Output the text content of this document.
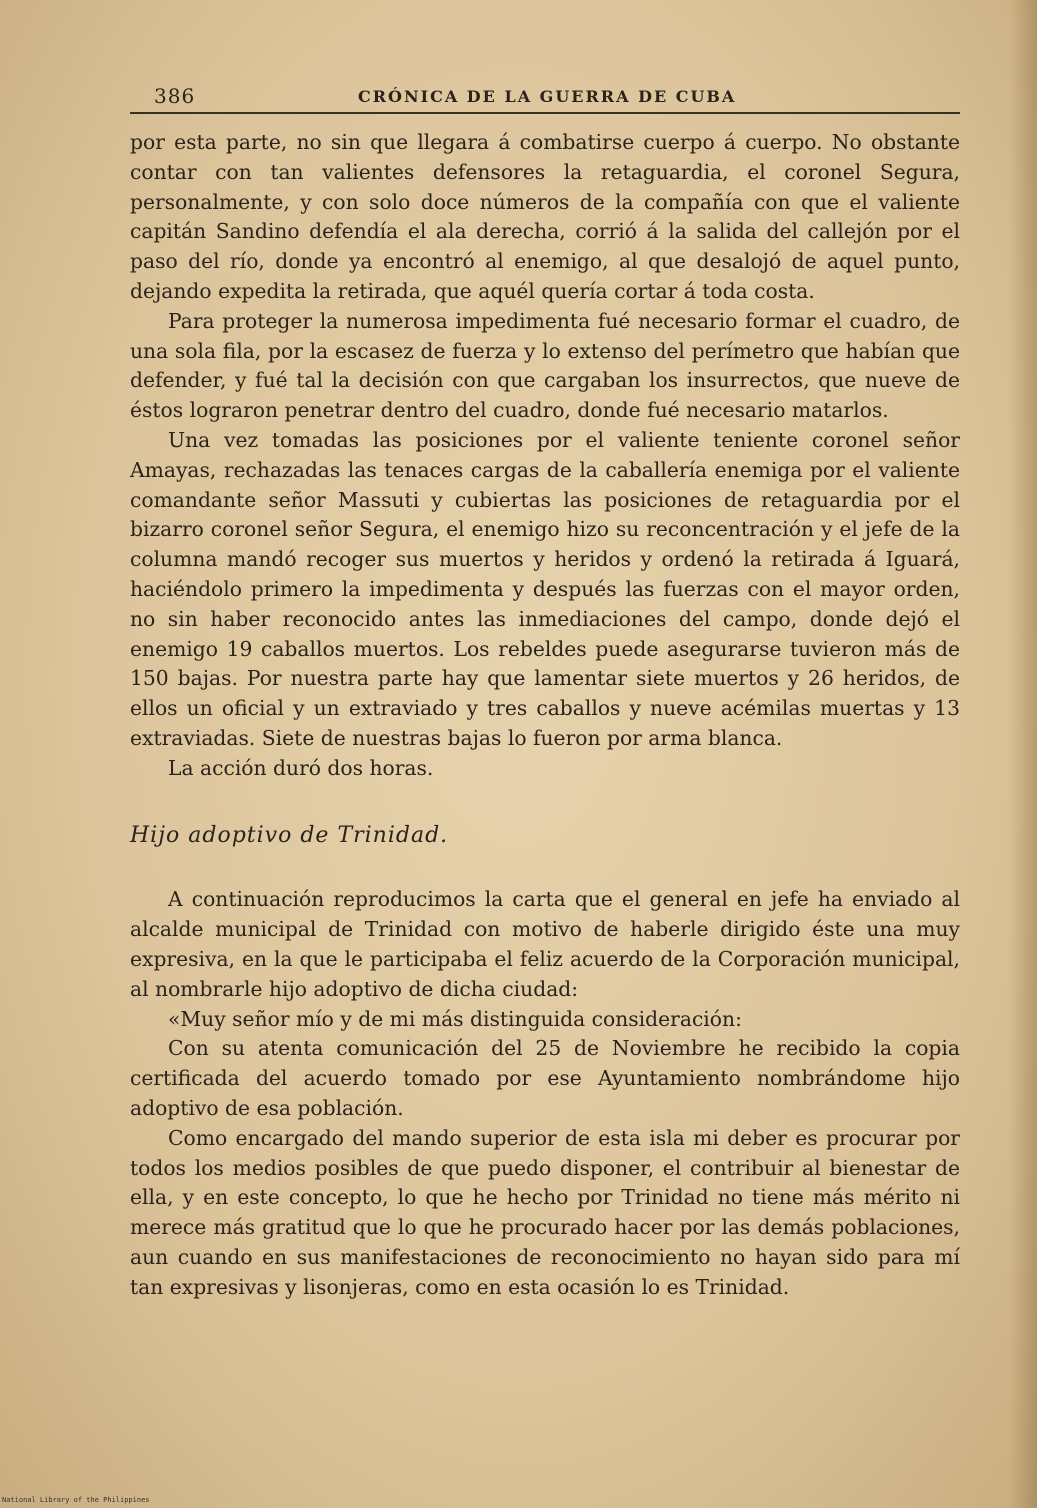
386	CRÓNICA DE LA GUERRA DE CUBA

por esta parte, no sin que llegara á combatirse cuerpo á cuerpo. No obstante contar con tan valientes defensores la retaguardia, el coronel Segura, personalmente, y con solo doce números de la compañía con que el valiente capitán Sandino defendía el ala derecha, corrió á la salida del callejón por el paso del río, donde ya encontró al enemigo, al que desalojó de aquel punto, dejando expedita la retirada, que aquél quería cortar á toda costa.

Para proteger la numerosa impedimenta fué necesario formar el cuadro, de una sola fila, por la escasez de fuerza y lo extenso del perímetro que habían que defender, y fué tal la decisión con que cargaban los insurrectos, que nueve de éstos lograron penetrar dentro del cuadro, donde fué necesario matarlos.

Una vez tomadas las posiciones por el valiente teniente coronel señor Amayas, rechazadas las tenaces cargas de la caballería enemiga por el valiente comandante señor Massuti y cubiertas las posiciones de retaguardia por el bizarro coronel señor Segura, el enemigo hizo su reconcentración y el jefe de la columna mandó recoger sus muertos y heridos y ordenó la retirada á Iguará, haciéndolo primero la impedimenta y después las fuerzas con el mayor orden, no sin haber reconocido antes las inmediaciones del campo, donde dejó el enemigo 19 caballos muertos. Los rebeldes puede asegurarse tuvieron más de 150 bajas. Por nuestra parte hay que lamentar siete muertos y 26 heridos, de ellos un oficial y un extraviado y tres caballos y nueve acémilas muertas y 13 extraviadas. Siete de nuestras bajas lo fueron por arma blanca.

La acción duró dos horas.

Hijo adoptivo de Trinidad.

A continuación reproducimos la carta que el general en jefe ha enviado al alcalde municipal de Trinidad con motivo de haberle dirigido éste una muy expresiva, en la que le participaba el feliz acuerdo de la Corporación municipal, al nombrarle hijo adoptivo de dicha ciudad:

«Muy señor mío y de mi más distinguida consideración:

Con su atenta comunicación del 25 de Noviembre he recibido la copia certificada del acuerdo tomado por ese Ayuntamiento nombrándome hijo adoptivo de esa población.

Como encargado del mando superior de esta isla mi deber es procurar por todos los medios posibles de que puedo disponer, el contribuir al bienestar de ella, y en este concepto, lo que he hecho por Trinidad no tiene más mérito ni merece más gratitud que lo que he procurado hacer por las demás poblaciones, aun cuando en sus manifestaciones de reconocimiento no hayan sido para mí tan expresivas y lisonjeras, como en esta ocasión lo es Trinidad.

National Library of the Philippines
